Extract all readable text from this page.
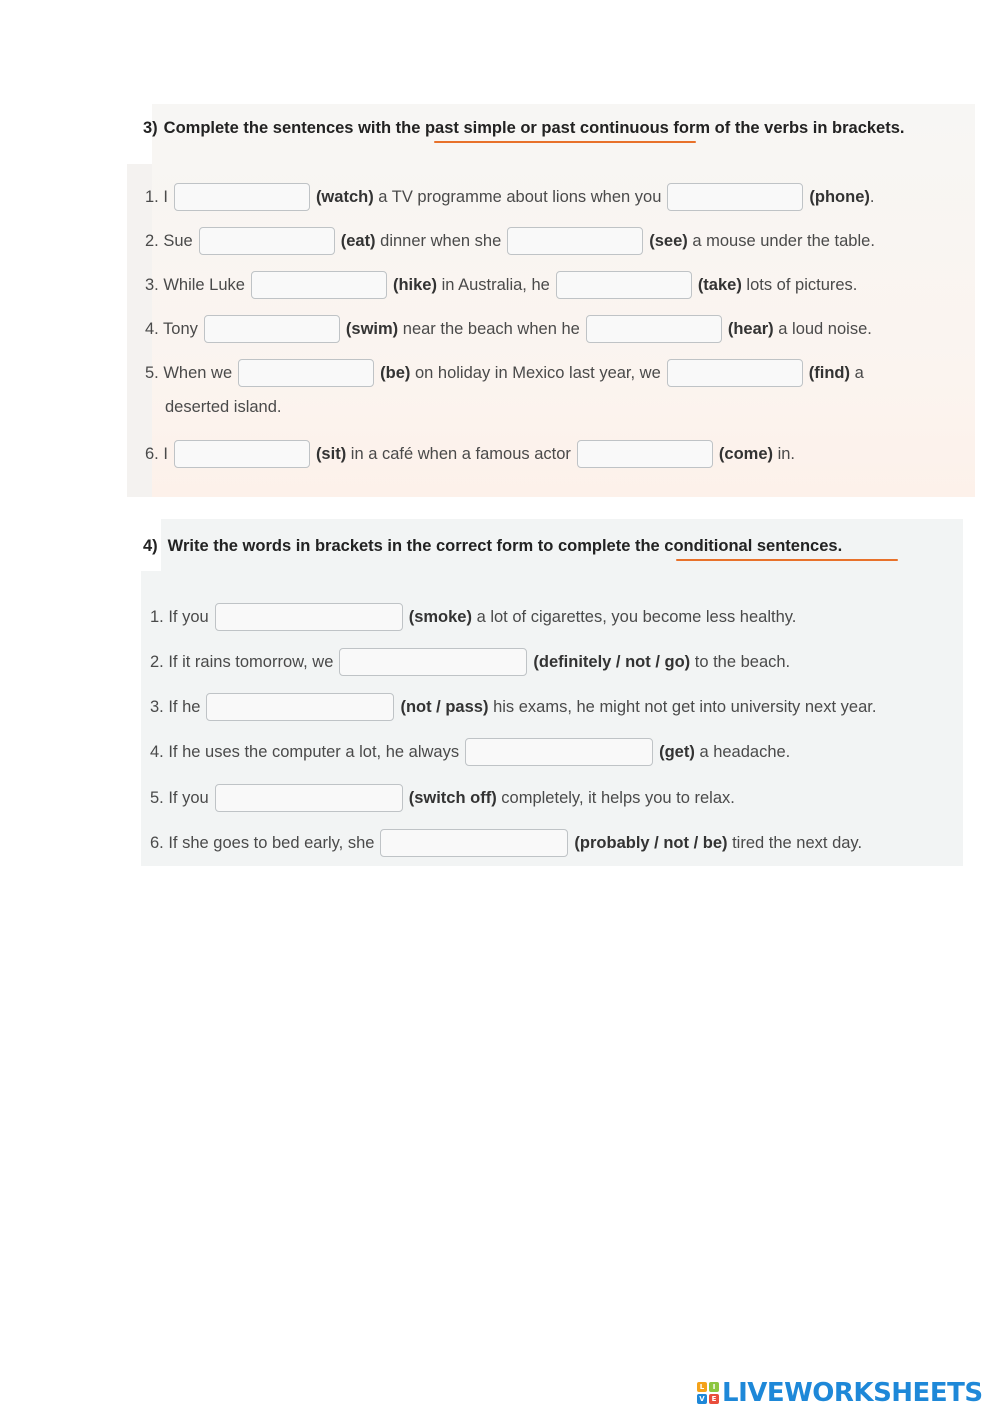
3) Complete the sentences with the past simple or past continuous form of the verbs in brackets.
1. I	(watch)
a TV programme about lions when you	(phone) .
2. Sue	(eat)
dinner when she	(see)
a mouse under the table.
3. While Luke	(hike)
in Australia, he	(take)
lots of pictures.
4. Tony	(swim)
near the beach when he	(hear)
a loud noise.
5. When we	(be)
on holiday in Mexico last year, we	(find)
a
deserted island.
6. I	(sit)
in a café when a famous actor	(come)
in.
4) Write the words in brackets in the correct form to complete the conditional sentences.
1. If you	(smoke)
a lot of cigarettes, you become less healthy.
2. If it rains tomorrow, we	(definitely / not / go)
to the beach.
3. If he	(not / pass)
his exams, he might not get into university next year.
4. If he uses the computer a lot, he always	(get)
a headache.
5. If you	(switch off)
completely, it helps you to relax.
6. If she goes to bed early, she	(probably / not / be)
tired the next day.
L	I
V E LIVEWORKSHEETS
